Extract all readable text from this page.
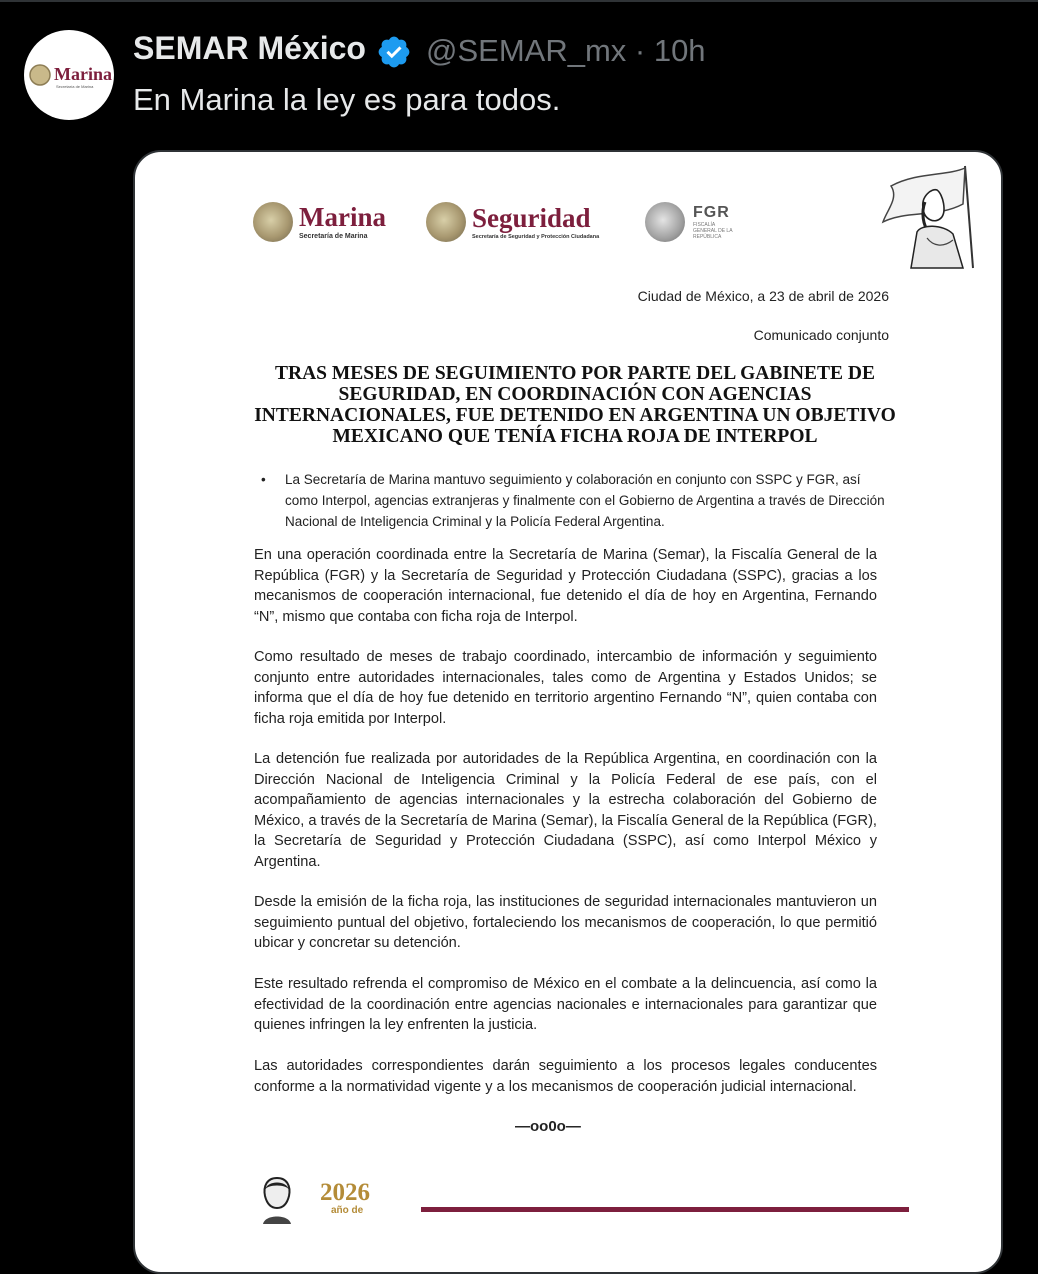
Marina
Secretaría de Marina
SEMAR México @SEMAR_mx · 10h
En Marina la ley es para todos.
Marina
Secretaría de Marina
Seguridad
Secretaría de Seguridad y Protección Ciudadana
FGR
FISCALÍA GENERAL DE LA REPÚBLICA
Ciudad de México, a 23 de abril de 2026
Comunicado conjunto
TRAS MESES DE SEGUIMIENTO POR PARTE DEL GABINETE DE SEGURIDAD, EN COORDINACIÓN CON AGENCIAS INTERNACIONALES, FUE DETENIDO EN ARGENTINA UN OBJETIVO MEXICANO QUE TENÍA FICHA ROJA DE INTERPOL
• La Secretaría de Marina mantuvo seguimiento y colaboración en conjunto con SSPC y FGR, así como Interpol, agencias extranjeras y finalmente con el Gobierno de Argentina a través de Dirección Nacional de Inteligencia Criminal y la Policía Federal Argentina.
En una operación coordinada entre la Secretaría de Marina (Semar), la Fiscalía General de la República (FGR) y la Secretaría de Seguridad y Protección Ciudadana (SSPC), gracias a los mecanismos de cooperación internacional, fue detenido el día de hoy en Argentina, Fernando “N”, mismo que contaba con ficha roja de Interpol.
Como resultado de meses de trabajo coordinado, intercambio de información y seguimiento conjunto entre autoridades internacionales, tales como de Argentina y Estados Unidos; se informa que el día de hoy fue detenido en territorio argentino Fernando “N”, quien contaba con ficha roja emitida por Interpol.
La detención fue realizada por autoridades de la República Argentina, en coordinación con la Dirección Nacional de Inteligencia Criminal y la Policía Federal de ese país, con el acompañamiento de agencias internacionales y la estrecha colaboración del Gobierno de México, a través de la Secretaría de Marina (Semar), la Fiscalía General de la República (FGR), la Secretaría de Seguridad y Protección Ciudadana (SSPC), así como Interpol México y Argentina.
Desde la emisión de la ficha roja, las instituciones de seguridad internacionales mantuvieron un seguimiento puntual del objetivo, fortaleciendo los mecanismos de cooperación, lo que permitió ubicar y concretar su detención.
Este resultado refrenda el compromiso de México en el combate a la delincuencia, así como la efectividad de la coordinación entre agencias nacionales e internacionales para garantizar que quienes infringen la ley enfrenten la justicia.
Las autoridades correspondientes darán seguimiento a los procesos legales conducentes conforme a la normatividad vigente y a los mecanismos de cooperación judicial internacional.
—oo0o—
2026
año de
